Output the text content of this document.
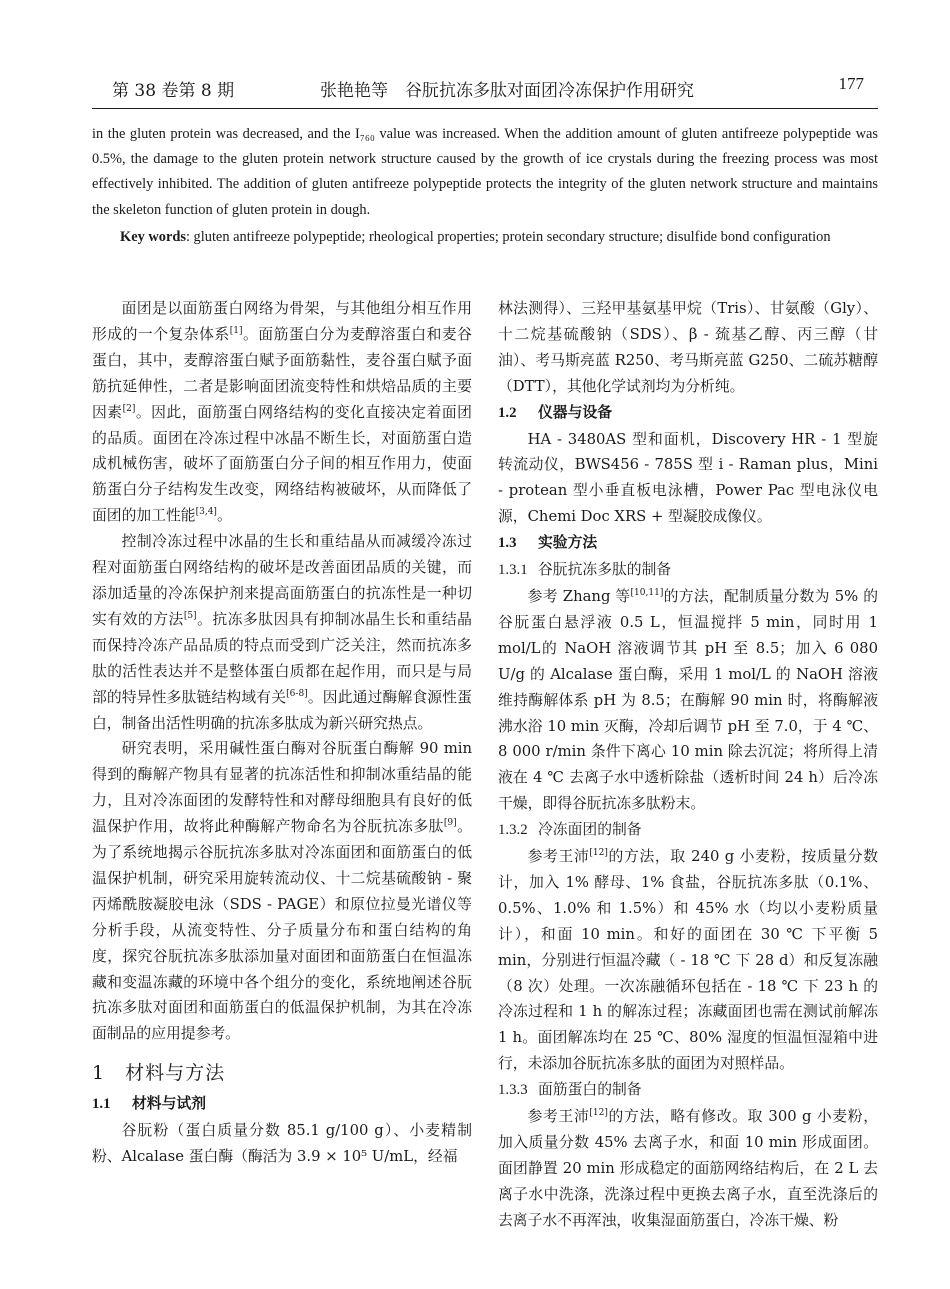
第 38 卷第 8 期	张艳艳等　谷朊抗冻多肽对面团冷冻保护作用研究	177

in the gluten protein was decreased, and the I₇₆₀ value was increased. When the addition amount of gluten antifreeze polypeptide was 0.5%, the damage to the gluten protein network structure caused by the growth of ice crystals during the freezing process was most effectively inhibited. The addition of gluten antifreeze polypeptide protects the integrity of the gluten network structure and maintains the skeleton function of gluten protein in dough.

Key words: gluten antifreeze polypeptide; rheological properties; protein secondary structure; disulfide bond configuration

面团是以面筋蛋白网络为骨架，与其他组分相互作用形成的一个复杂体系[1]。面筋蛋白分为麦醇溶蛋白和麦谷蛋白，其中，麦醇溶蛋白赋予面筋黏性，麦谷蛋白赋予面筋抗延伸性，二者是影响面团流变特性和烘焙品质的主要因素[2]。因此，面筋蛋白网络结构的变化直接决定着面团的品质。面团在冷冻过程中冰晶不断生长，对面筋蛋白造成机械伤害，破坏了面筋蛋白分子间的相互作用力，使面筋蛋白分子结构发生改变，网络结构被破坏，从而降低了面团的加工性能[3,4]。

控制冷冻过程中冰晶的生长和重结晶从而减缓冷冻过程对面筋蛋白网络结构的破坏是改善面团品质的关键，而添加适量的冷冻保护剂来提高面筋蛋白的抗冻性是一种切实有效的方法[5]。抗冻多肽因具有抑制冰晶生长和重结晶而保持冷冻产品品质的特点而受到广泛关注，然而抗冻多肽的活性表达并不是整体蛋白质都在起作用，而只是与局部的特异性多肽链结构域有关[6-8]。因此通过酶解食源性蛋白，制备出活性明确的抗冻多肽成为新兴研究热点。

研究表明，采用碱性蛋白酶对谷朊蛋白酶解 90 min 得到的酶解产物具有显著的抗冻活性和抑制冰重结晶的能力，且对冷冻面团的发酵特性和对酵母细胞具有良好的低温保护作用，故将此种酶解产物命名为谷朊抗冻多肽[9]。为了系统地揭示谷朊抗冻多肽对冷冻面团和面筋蛋白的低温保护机制，研究采用旋转流动仪、十二烷基硫酸钠 - 聚丙烯酰胺凝胶电泳（SDS - PAGE）和原位拉曼光谱仪等分析手段，从流变特性、分子质量分布和蛋白结构的角度，探究谷朊抗冻多肽添加量对面团和面筋蛋白在恒温冻藏和变温冻藏的环境中各个组分的变化，系统地阐述谷朊抗冻多肽对面团和面筋蛋白的低温保护机制，为其在冷冻面制品的应用提参考。

1　材料与方法

1.1 材料与试剂

谷朊粉（蛋白质量分数 85.1 g/100 g）、小麦精制粉、Alcalase 蛋白酶（酶活为 3.9 × 10⁵ U/mL，经福

林法测得）、三羟甲基氨基甲烷（Tris）、甘氨酸（Gly）、十二烷基硫酸钠（SDS）、β - 巯基乙醇、丙三醇（甘油）、考马斯亮蓝 R250、考马斯亮蓝 G250、二硫苏糖醇（DTT），其他化学试剂均为分析纯。

1.2 仪器与设备

HA - 3480AS 型和面机，Discovery HR - 1 型旋转流动仪，BWS456 - 785S 型 i - Raman plus，Mini - protean 型小垂直板电泳槽，Power Pac 型电泳仪电源，Chemi Doc XRS + 型凝胶成像仪。

1.3 实验方法

1.3.1 谷朊抗冻多肽的制备

参考 Zhang 等[10,11]的方法，配制质量分数为 5% 的谷朊蛋白悬浮液 0.5 L，恒温搅拌 5 min，同时用 1 mol/L的 NaOH 溶液调节其 pH 至 8.5；加入 6 080 U/g 的 Alcalase 蛋白酶，采用 1 mol/L 的 NaOH 溶液维持酶解体系 pH 为 8.5；在酶解 90 min 时，将酶解液沸水浴 10 min 灭酶，冷却后调节 pH 至 7.0，于 4 ℃、8 000 r/min 条件下离心 10 min 除去沉淀；将所得上清液在 4 ℃ 去离子水中透析除盐（透析时间 24 h）后冷冻干燥，即得谷朊抗冻多肽粉末。

1.3.2 冷冻面团的制备

参考王沛[12]的方法，取 240 g 小麦粉，按质量分数计，加入 1% 酵母、1% 食盐，谷朊抗冻多肽（0.1%、0.5%、1.0% 和 1.5%）和 45% 水（均以小麦粉质量计），和面 10 min。和好的面团在 30 ℃ 下平衡 5 min，分别进行恒温冷藏（ - 18 ℃ 下 28 d）和反复冻融（8 次）处理。一次冻融循环包括在 - 18 ℃ 下 23 h 的冷冻过程和 1 h 的解冻过程；冻藏面团也需在测试前解冻1 h。面团解冻均在 25 ℃、80% 湿度的恒温恒湿箱中进行，未添加谷朊抗冻多肽的面团为对照样品。

1.3.3 面筋蛋白的制备

参考王沛[12]的方法，略有修改。取 300 g 小麦粉，加入质量分数 45% 去离子水，和面 10 min 形成面团。面团静置 20 min 形成稳定的面筋网络结构后，在 2 L 去离子水中洗涤，洗涤过程中更换去离子水，直至洗涤后的去离子水不再浑浊，收集湿面筋蛋白，冷冻干燥、粉
